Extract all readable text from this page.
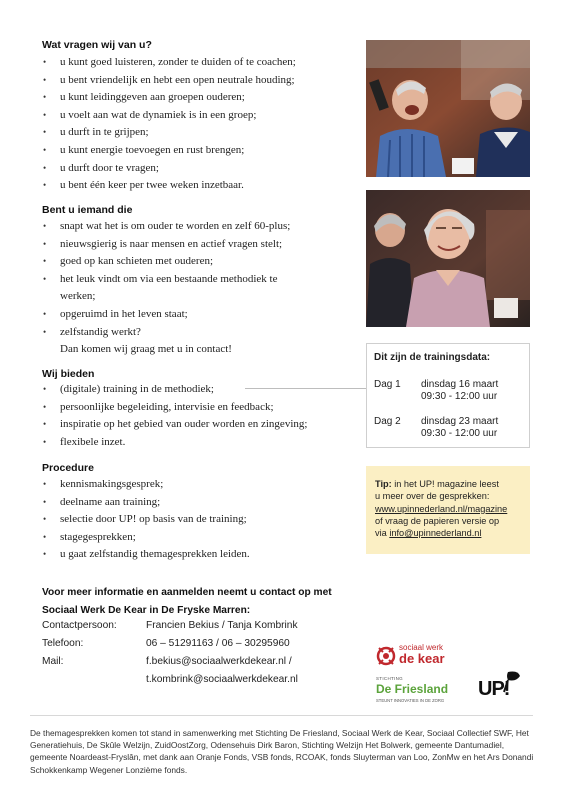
Wat vragen wij van u?
• u kunt goed luisteren, zonder te duiden of te coachen;
• u bent vriendelijk en hebt een open neutrale houding;
• u kunt leidinggeven aan groepen ouderen;
• u voelt aan wat de dynamiek is in een groep;
• u durft in te grijpen;
• u kunt energie toevoegen en rust brengen;
• u durft door te vragen;
• u bent één keer per twee weken inzetbaar.
Bent u iemand die
• snapt wat het is om ouder te worden en zelf 60-plus;
• nieuwsgierig is naar mensen en actief vragen stelt;
• goed op kan schieten met ouderen;
• het leuk vindt om via een bestaande methodiek te
werken;
• opgeruimd in het leven staat;
• zelfstandig werkt?
Dan komen wij graag met u in contact!
Wij bieden
• (digitale) training in de methodiek;
• persoonlijke begeleiding, intervisie en feedback;
• inspiratie op het gebied van ouder worden en zingeving;
• flexibele inzet.
Procedure
• kennismakingsgesprek;
• deelname aan training;
• selectie door UP! op basis van de training;
• stagegesprekken;
• u gaat zelfstandig themagesprekken leiden.
Dit zijn de trainingsdata:
Dag 1 dinsdag 16 maart
09:30 - 12:00 uur
Dag 2 dinsdag 23 maart
09:30 - 12:00 uur
Tip: in het UP! magazine leest
u meer over de gesprekken:
www.upinnederland.nl/magazine
of vraag de papieren versie op
via info@upinnederland.nl
Voor meer informatie en aanmelden neemt u contact op met
Sociaal Werk De Kear in De Fryske Marren:
Contactpersoon:	Francien Bekius / Tanja Kombrink
Telefoon:	06 – 51291163 / 06 – 30295960
Mail:	f.bekius@sociaalwerkdekear.nl /
t.kombrink@sociaalwerkdekear.nl
sociaal werk
de kear
STICHTING
De Friesland
STEUNT INNOVATIES IN DE ZORG
UP!
De themagesprekken komen tot stand in samenwerking met Stichting De Friesland, Sociaal Werk de Kear, Sociaal Collectief SWF, Het Generatiehuis, De Skûle Welzijn, ZuidOostZorg, Odensehuis Dirk Baron, Stichting Welzijn Het Bolwerk, gemeente Dantumadiel, gemeente Noardeast-Fryslân, met dank aan Oranje Fonds, VSB fonds, RCOAK, fonds Sluyterman van Loo, ZonMw en het Ars Donandi Schokkenkamp Wegener Lonzième fonds.
